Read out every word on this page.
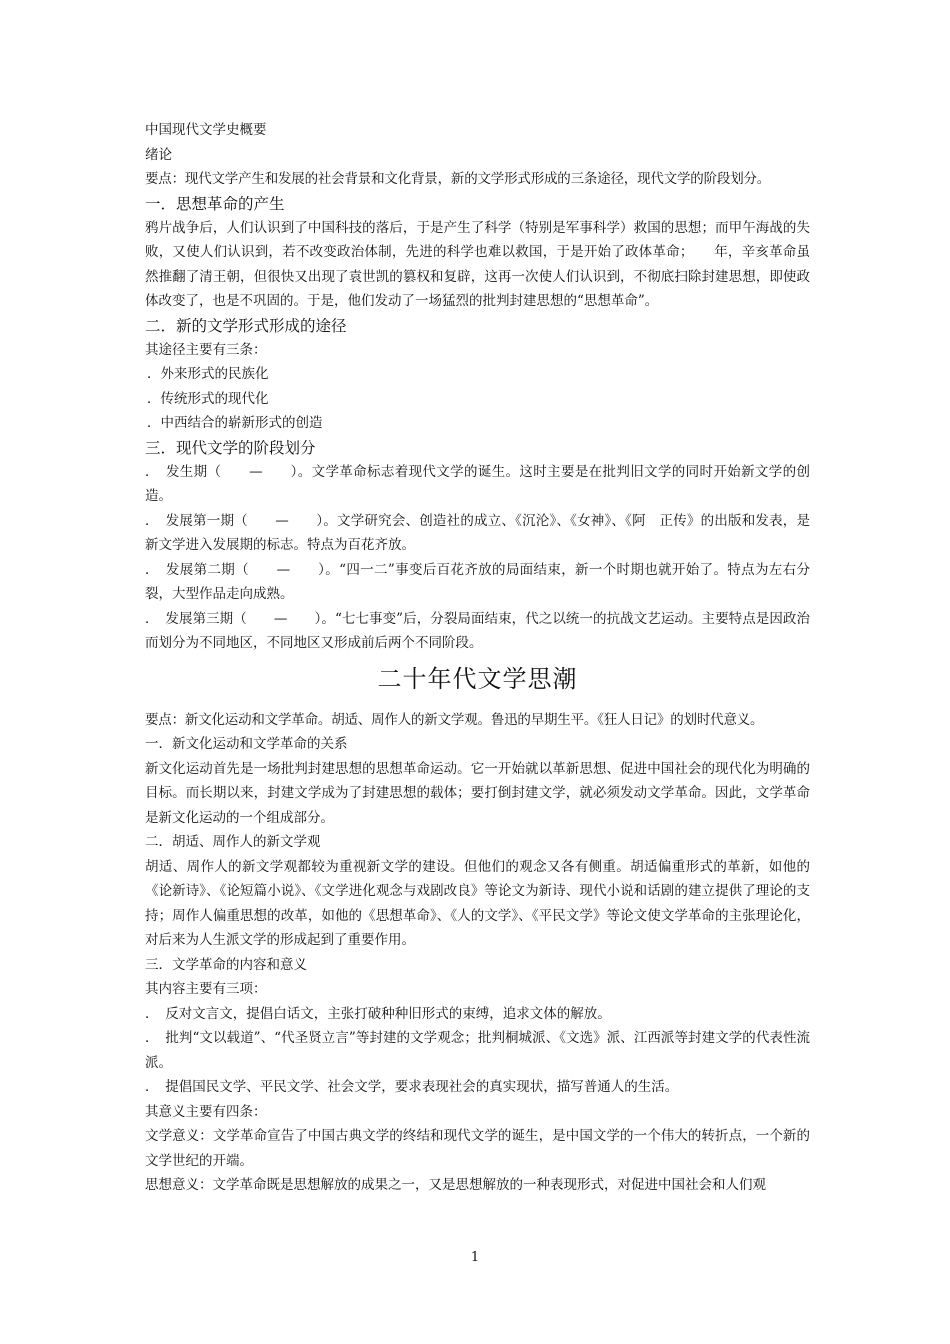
中国现代文学史概要

绪论

要点：现代文学产生和发展的社会背景和文化背景，新的文学形式形成的三条途径，现代文学的阶段划分。

一．思想革命的产生

鸦片战争后，人们认识到了中国科技的落后，于是产生了科学（特别是军事科学）救国的思想；而甲午海战的失败，又使人们认识到，若不改变政治体制，先进的科学也难以救国，于是开始了政体革命；　　年，辛亥革命虽然推翻了清王朝，但很快又出现了袁世凯的篡权和复辟，这再一次使人们认识到，不彻底扫除封建思想，即使政体改变了，也是不巩固的。于是，他们发动了一场猛烈的批判封建思想的“思想革命”。

二．新的文学形式形成的途径

其途径主要有三条：

．外来形式的民族化

．传统形式的现代化

．中西结合的崭新形式的创造

三．现代文学的阶段划分

．　发生期（　　—　　）。文学革命标志着现代文学的诞生。这时主要是在批判旧文学的同时开始新文学的创造。

．　发展第一期（　　—　　）。文学研究会、创造社的成立、《沉沦》、《女神》、《阿　正传》的出版和发表，是新文学进入发展期的标志。特点为百花齐放。

．　发展第二期（　　—　　）。“四一二”事变后百花齐放的局面结束，新一个时期也就开始了。特点为左右分裂，大型作品走向成熟。

．　发展第三期（　　—　　）。“七七事变”后，分裂局面结束，代之以统一的抗战文艺运动。主要特点是因政治而划分为不同地区，不同地区又形成前后两个不同阶段。

二十年代文学思潮

要点：新文化运动和文学革命。胡适、周作人的新文学观。鲁迅的早期生平。《狂人日记》的划时代意义。

一．新文化运动和文学革命的关系

新文化运动首先是一场批判封建思想的思想革命运动。它一开始就以革新思想、促进中国社会的现代化为明确的目标。而长期以来，封建文学成为了封建思想的载体；要打倒封建文学，就必须发动文学革命。因此，文学革命是新文化运动的一个组成部分。

二．胡适、周作人的新文学观

胡适、周作人的新文学观都较为重视新文学的建设。但他们的观念又各有侧重。胡适偏重形式的革新，如他的《论新诗》、《论短篇小说》、《文学进化观念与戏剧改良》等论文为新诗、现代小说和话剧的建立提供了理论的支持；周作人偏重思想的改革，如他的《思想革命》、《人的文学》、《平民文学》等论文使文学革命的主张理论化，对后来为人生派文学的形成起到了重要作用。

三．文学革命的内容和意义

其内容主要有三项：

．　反对文言文，提倡白话文，主张打破种种旧形式的束缚，追求文体的解放。

．　批判“文以载道”、“代圣贤立言”等封建的文学观念；批判桐城派、《文选》派、江西派等封建文学的代表性流派。

．　提倡国民文学、平民文学、社会文学，要求表现社会的真实现状，描写普通人的生活。

其意义主要有四条：

文学意义：文学革命宣告了中国古典文学的终结和现代文学的诞生，是中国文学的一个伟大的转折点，一个新的文学世纪的开端。

思想意义：文学革命既是思想解放的成果之一，又是思想解放的一种表现形式，对促进中国社会和人们观

1
